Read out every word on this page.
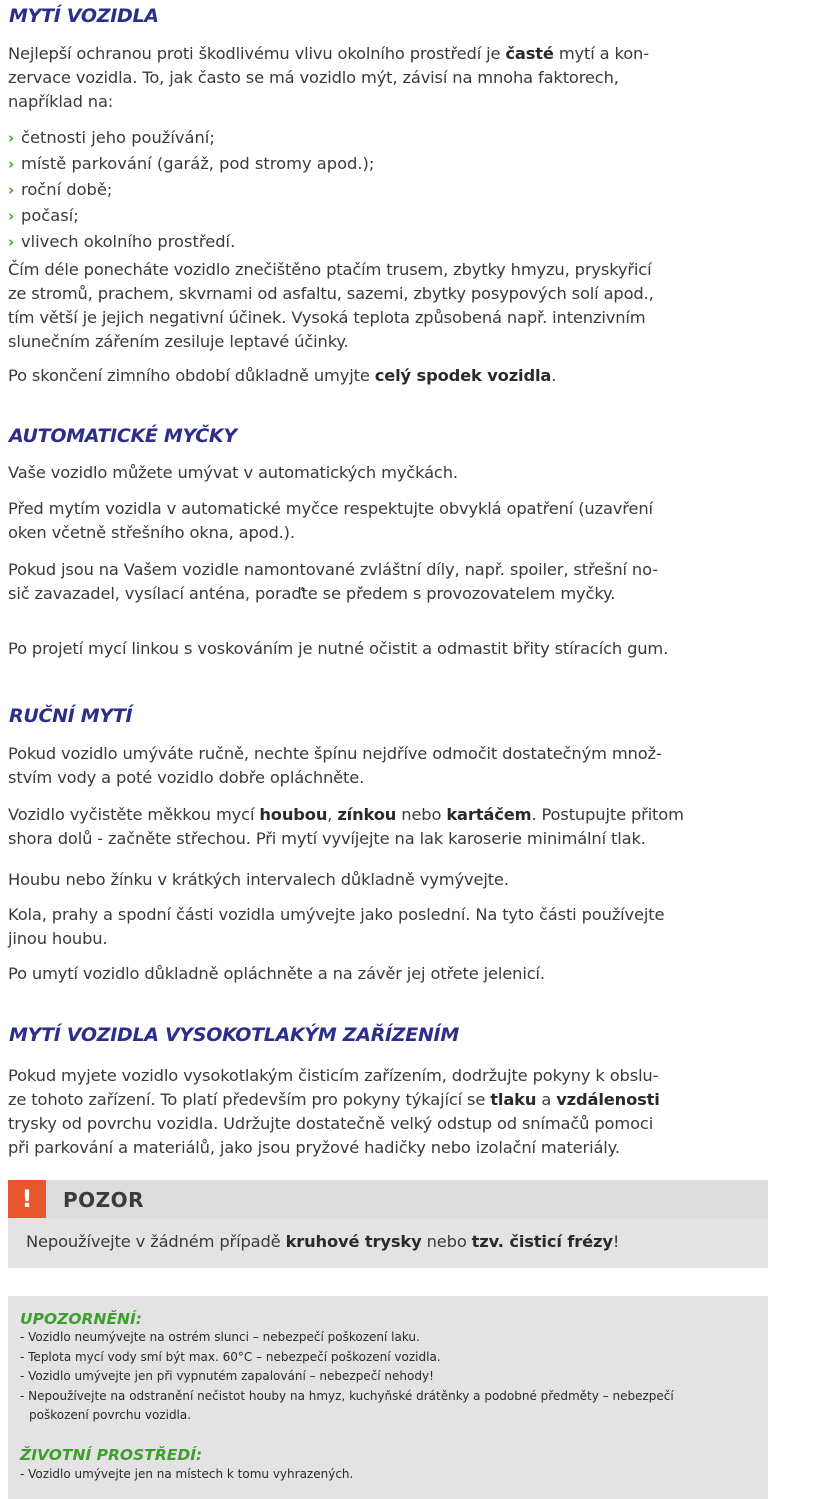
MYTÍ VOZIDLA

Nejlepší ochranou proti škodlivému vlivu okolního prostředí je časté mytí a kon-
zervace vozidla. To, jak často se má vozidlo mýt, závisí na mnoha faktorech,
například na:

› četnosti jeho používání;
› místě parkování (garáž, pod stromy apod.);
› roční době;
› počasí;
› vlivech okolního prostředí.

Čím déle ponecháte vozidlo znečištěno ptačím trusem, zbytky hmyzu, pryskyřicí
ze stromů, prachem, skvrnami od asfaltu, sazemi, zbytky posypových solí apod.,
tím větší je jejich negativní účinek. Vysoká teplota způsobená např. intenzivním
slunečním zářením zesiluje leptavé účinky.

Po skončení zimního období důkladně umyjte celý spodek vozidla.

AUTOMATICKÉ MYČKY

Vaše vozidlo můžete umývat v automatických myčkách.

Před mytím vozidla v automatické myčce respektujte obvyklá opatření (uzavření
oken včetně střešního okna, apod.).

Pokud jsou na Vašem vozidle namontované zvláštní díly, např. spoiler, střešní no-
sič zavazadel, vysílací anténa, poraďte se předem s provozovatelem myčky.

Po projetí mycí linkou s voskováním je nutné očistit a odmastit břity stíracích gum.

RUČNÍ MYTÍ

Pokud vozidlo umýváte ručně, nechte špínu nejdříve odmočit dostatečným množ-
stvím vody a poté vozidlo dobře opláchněte.

Vozidlo vyčistěte měkkou mycí houbou, zínkou nebo kartáčem. Postupujte přitom
shora dolů - začněte střechou. Při mytí vyvíjejte na lak karoserie minimální tlak.

Houbu nebo žínku v krátkých intervalech důkladně vymývejte.

Kola, prahy a spodní části vozidla umývejte jako poslední. Na tyto části používejte
jinou houbu.

Po umytí vozidlo důkladně opláchněte a na závěr jej otřete jelenicí.

MYTÍ VOZIDLA VYSOKOTLAKÝM ZAŘÍZENÍM

Pokud myjete vozidlo vysokotlakým čisticím zařízením, dodržujte pokyny k obslu-
ze tohoto zařízení. To platí především pro pokyny týkající se tlaku a vzdálenosti
trysky od povrchu vozidla. Udržujte dostatečně velký odstup od snímačů pomoci
při parkování a materiálů, jako jsou pryžové hadičky nebo izolační materiály.

!	POZOR
Nepoužívejte v žádném případě kruhové trysky nebo tzv. čisticí frézy!
UPOZORNĚNÍ:
- Vozidlo neumývejte na ostrém slunci – nebezpečí poškození laku.
- Teplota mycí vody smí být max. 60°C – nebezpečí poškození vozidla.
- Vozidlo umývejte jen při vypnutém zapalování – nebezpečí nehody!
- Nepoužívejte na odstranění nečistot houby na hmyz, kuchyňské drátěnky a podobné předměty – nebezpečí
poškození povrchu vozidla.
ŽIVOTNÍ PROSTŘEDÍ:
- Vozidlo umývejte jen na místech k tomu vyhrazených.
